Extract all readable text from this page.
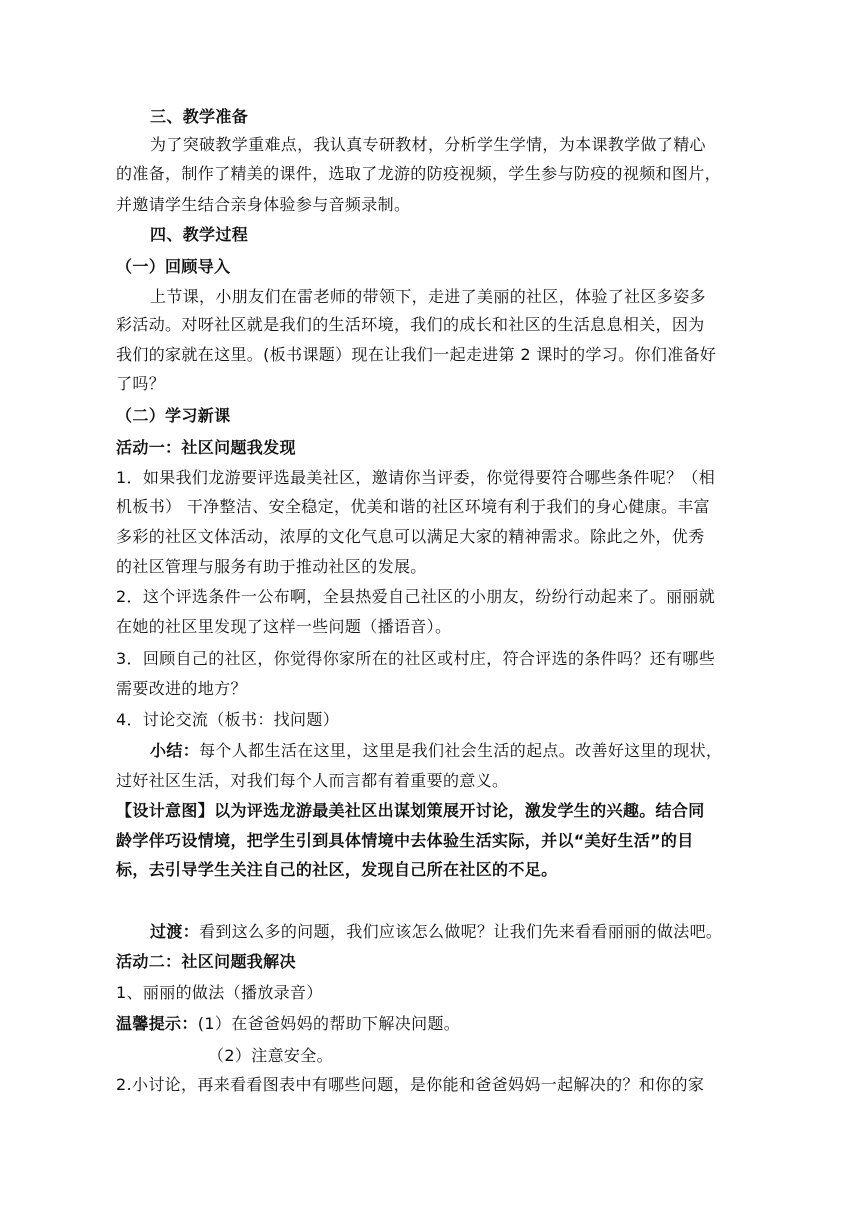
三、教学准备
为了突破教学重难点，我认真专研教材，分析学生学情，为本课教学做了精心
的准备，制作了精美的课件，选取了龙游的防疫视频，学生参与防疫的视频和图片，
并邀请学生结合亲身体验参与音频录制。
四、教学过程
（一）回顾导入
上节课，小朋友们在雷老师的带领下，走进了美丽的社区，体验了社区多姿多
彩活动。对呀社区就是我们的生活环境，我们的成长和社区的生活息息相关，因为
我们的家就在这里。(板书课题）现在让我们一起走进第 2 课时的学习。你们准备好
了吗？
（二）学习新课
活动一：社区问题我发现
1．如果我们龙游要评选最美社区，邀请你当评委，你觉得要符合哪些条件呢？（相
机板书） 干净整洁、安全稳定，优美和谐的社区环境有利于我们的身心健康。丰富
多彩的社区文体活动，浓厚的文化气息可以满足大家的精神需求。除此之外，优秀
的社区管理与服务有助于推动社区的发展。
2．这个评选条件一公布啊，全县热爱自己社区的小朋友，纷纷行动起来了。丽丽就
在她的社区里发现了这样一些问题（播语音）。
3．回顾自己的社区，你觉得你家所在的社区或村庄，符合评选的条件吗？还有哪些
需要改进的地方？
4．讨论交流（板书：找问题）
小结：每个人都生活在这里，这里是我们社会生活的起点。改善好这里的现状，
过好社区生活，对我们每个人而言都有着重要的意义。
【设计意图】以为评选龙游最美社区出谋划策展开讨论，激发学生的兴趣。结合同
龄学伴巧设情境，把学生引到具体情境中去体验生活实际，并以“美好生活”的目
标，去引导学生关注自己的社区，发现自己所在社区的不足。
过渡：看到这么多的问题，我们应该怎么做呢？让我们先来看看丽丽的做法吧。
活动二：社区问题我解决
1、丽丽的做法（播放录音）
温馨提示：(1）在爸爸妈妈的帮助下解决问题。
（2）注意安全。
2.小讨论，再来看看图表中有哪些问题，是你能和爸爸妈妈一起解决的？和你的家
